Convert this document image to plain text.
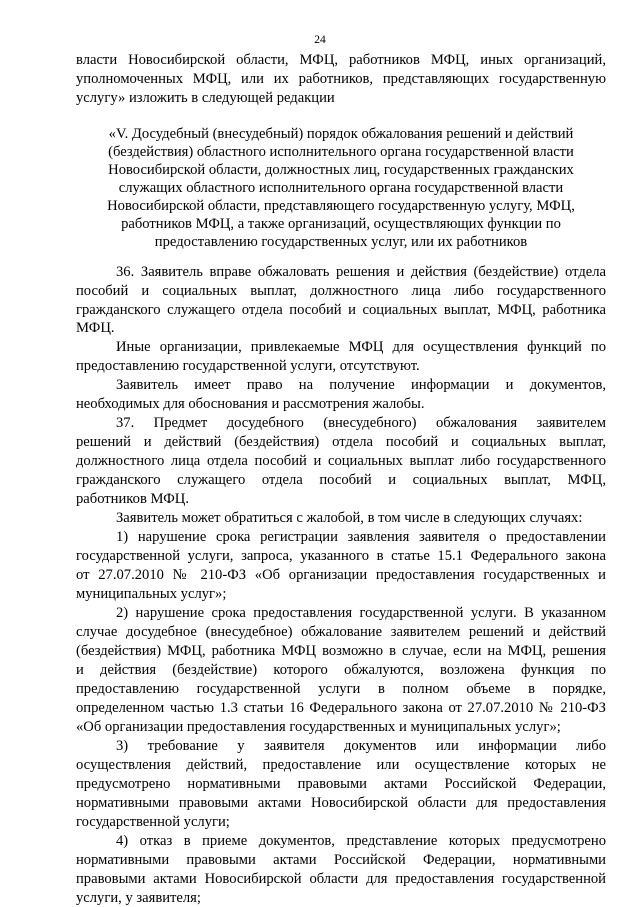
24
власти Новосибирской области, МФЦ, работников МФЦ, иных организаций,
уполномоченных МФЦ, или их работников, представляющих государственную
услугу» изложить в следующей редакции
«V. Досудебный (внесудебный) порядок обжалования решений и действий
(бездействия) областного исполнительного органа государственной власти
Новосибирской области, должностных лиц, государственных гражданских
служащих областного исполнительного органа государственной власти
Новосибирской области, представляющего государственную услугу, МФЦ,
работников МФЦ, а также организаций, осуществляющих функции по
предоставлению государственных услуг, или их работников
36. Заявитель вправе обжаловать решения и действия (бездействие) отдела
пособий и социальных выплат, должностного лица либо государственного
гражданского служащего отдела пособий и социальных выплат, МФЦ, работника
МФЦ.
Иные организации, привлекаемые МФЦ для осуществления функций по
предоставлению государственной услуги, отсутствуют.
Заявитель имеет право на получение информации и документов,
необходимых для обоснования и рассмотрения жалобы.
37. Предмет досудебного (внесудебного) обжалования заявителем
решений и действий (бездействия) отдела пособий и социальных выплат,
должностного лица отдела пособий и социальных выплат либо государственного
гражданского служащего отдела пособий и социальных выплат, МФЦ,
работников МФЦ.
Заявитель может обратиться с жалобой, в том числе в следующих случаях:
1) нарушение срока регистрации заявления заявителя о предоставлении
государственной услуги, запроса, указанного в статье 15.1 Федерального закона
от 27.07.2010 № 210-ФЗ «Об организации предоставления государственных и
муниципальных услуг»;
2) нарушение срока предоставления государственной услуги. В указанном
случае досудебное (внесудебное) обжалование заявителем решений и действий
(бездействия) МФЦ, работника МФЦ возможно в случае, если на МФЦ, решения
и действия (бездействие) которого обжалуются, возложена функция по
предоставлению государственной услуги в полном объеме в порядке,
определенном частью 1.3 статьи 16 Федерального закона от 27.07.2010 № 210-ФЗ
«Об организации предоставления государственных и муниципальных услуг»;
3) требование у заявителя документов или информации либо
осуществления действий, предоставление или осуществление которых не
предусмотрено нормативными правовыми актами Российской Федерации,
нормативными правовыми актами Новосибирской области для предоставления
государственной услуги;
4) отказ в приеме документов, представление которых предусмотрено
нормативными правовыми актами Российской Федерации, нормативными
правовыми актами Новосибирской области для предоставления государственной
услуги, у заявителя;
